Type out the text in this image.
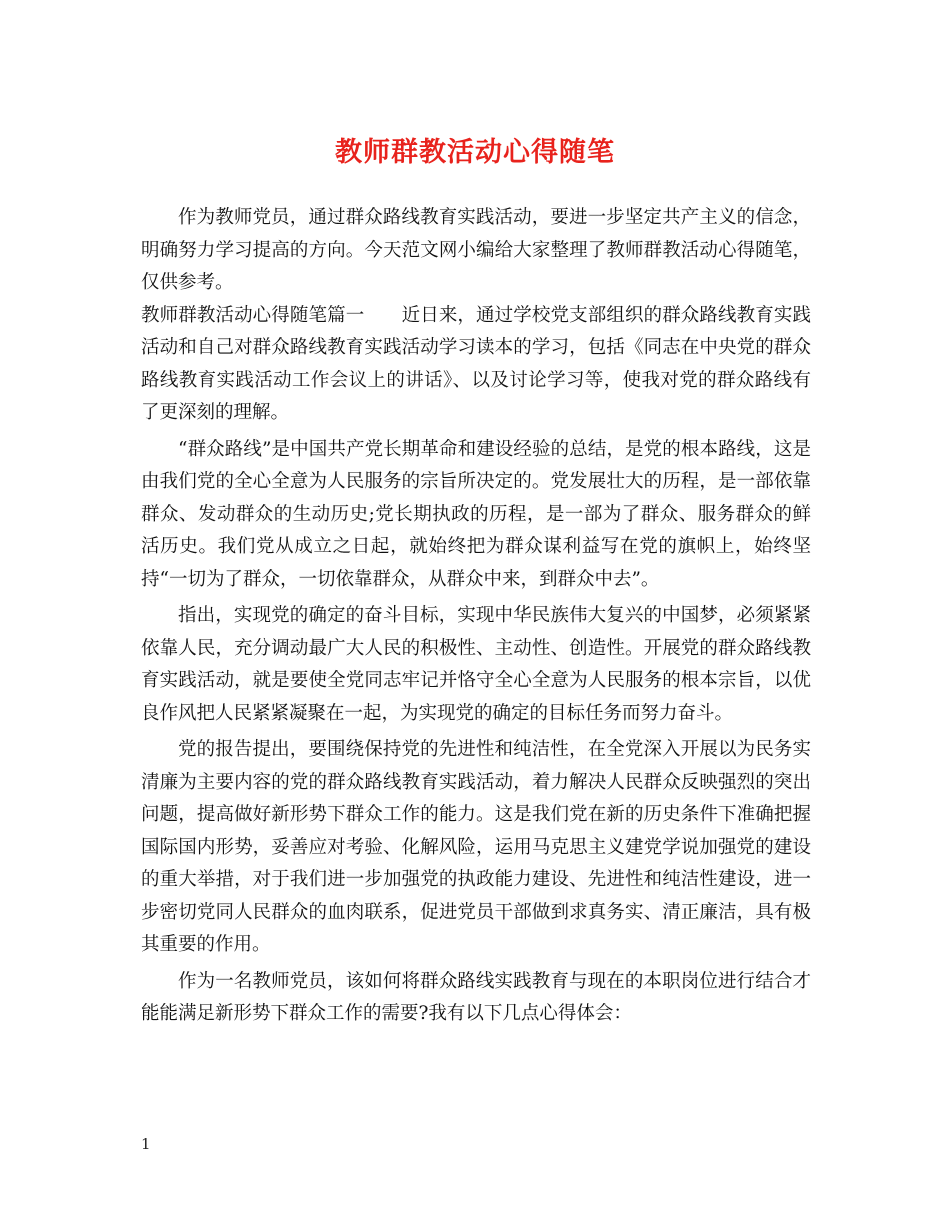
教师群教活动心得随笔

作为教师党员，通过群众路线教育实践活动，要进一步坚定共产主义的信念，明确努力学习提高的方向。今天范文网小编给大家整理了教师群教活动心得随笔，仅供参考。

教师群教活动心得随笔篇一　　近日来，通过学校党支部组织的群众路线教育实践活动和自己对群众路线教育实践活动学习读本的学习，包括《同志在中央党的群众路线教育实践活动工作会议上的讲话》、以及讨论学习等，使我对党的群众路线有了更深刻的理解。

“群众路线”是中国共产党长期革命和建设经验的总结，是党的根本路线，这是由我们党的全心全意为人民服务的宗旨所决定的。党发展壮大的历程，是一部依靠群众、发动群众的生动历史;党长期执政的历程，是一部为了群众、服务群众的鲜活历史。我们党从成立之日起，就始终把为群众谋利益写在党的旗帜上，始终坚持“一切为了群众，一切依靠群众，从群众中来，到群众中去”。

指出，实现党的确定的奋斗目标，实现中华民族伟大复兴的中国梦，必须紧紧依靠人民，充分调动最广大人民的积极性、主动性、创造性。开展党的群众路线教育实践活动，就是要使全党同志牢记并恪守全心全意为人民服务的根本宗旨，以优良作风把人民紧紧凝聚在一起，为实现党的确定的目标任务而努力奋斗。

党的报告提出，要围绕保持党的先进性和纯洁性，在全党深入开展以为民务实清廉为主要内容的党的群众路线教育实践活动，着力解决人民群众反映强烈的突出问题，提高做好新形势下群众工作的能力。这是我们党在新的历史条件下准确把握国际国内形势，妥善应对考验、化解风险，运用马克思主义建党学说加强党的建设的重大举措，对于我们进一步加强党的执政能力建设、先进性和纯洁性建设，进一步密切党同人民群众的血肉联系，促进党员干部做到求真务实、清正廉洁，具有极其重要的作用。

作为一名教师党员，该如何将群众路线实践教育与现在的本职岗位进行结合才能能满足新形势下群众工作的需要?我有以下几点心得体会：

1
